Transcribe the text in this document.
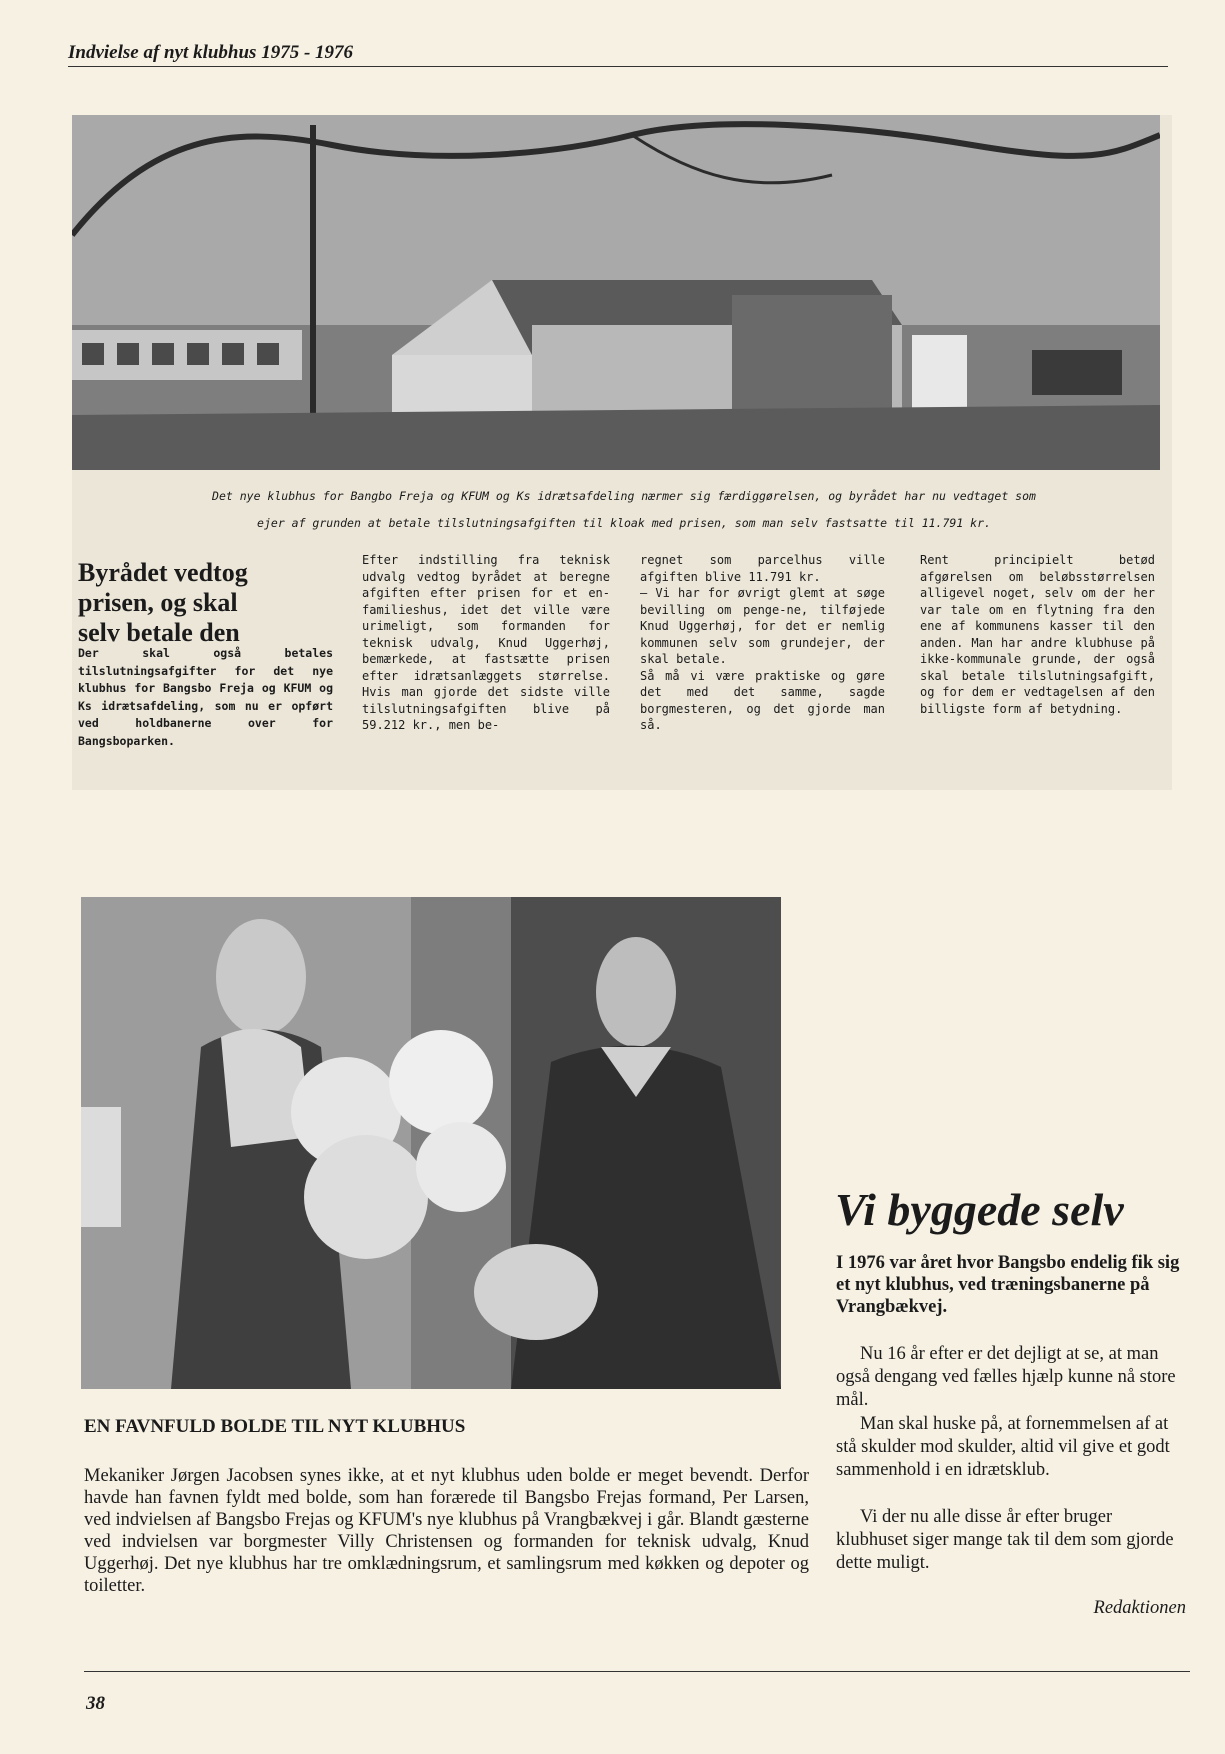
Indvielse af nyt klubhus 1975 - 1976
Det nye klubhus for Bangbo Freja og KFUM og Ks idrætsafdeling nærmer sig færdiggørelsen, og byrådet har nu vedtaget som
ejer af grunden at betale tilslutningsafgiften til kloak med prisen, som man selv fastsatte til 11.791 kr.
Byrådet vedtog prisen, og skal selv betale den
Der skal også betales tilslutningsafgifter for det nye klubhus for Bangsbo Freja og KFUM og Ks idrætsafdeling, som nu er opført ved holdbanerne over for Bangsboparken.
Efter indstilling fra teknisk udvalg vedtog byrådet at beregne afgiften efter prisen for et en-familieshus, idet det ville være urimeligt, som formanden for teknisk udvalg, Knud Uggerhøj, bemærkede, at fastsætte prisen efter idrætsanlæggets størrelse. Hvis man gjorde det sidste ville tilslutningsafgiften blive på 59.212 kr., men be-
regnet som parcelhus ville afgiften blive 11.791 kr.
— Vi har for øvrigt glemt at søge bevilling om penge-ne, tilføjede Knud Uggerhøj, for det er nemlig kommunen selv som grundejer, der skal betale.
Så må vi være praktiske og gøre det med det samme, sagde borgmesteren, og det gjorde man så.
Rent principielt betød afgørelsen om beløbsstørrelsen alligevel noget, selv om der her var tale om en flytning fra den ene af kommunens kasser til den anden. Man har andre klubhuse på ikke-kommunale grunde, der også skal betale tilslutningsafgift, og for dem er vedtagelsen af den billigste form af betydning.
EN FAVNFULD BOLDE TIL NYT KLUBHUS
Mekaniker Jørgen Jacobsen synes ikke, at et nyt klubhus uden bolde er meget bevendt. Derfor havde han favnen fyldt med bolde, som han forærede til Bangsbo Frejas formand, Per Larsen, ved indvielsen af Bangsbo Frejas og KFUM's nye klubhus på Vrangbækvej i går. Blandt gæsterne ved indvielsen var borgmester Villy Christensen og formanden for teknisk udvalg, Knud Uggerhøj. Det nye klubhus har tre omklædningsrum, et samlingsrum med køkken og depoter og toiletter.
Vi byggede selv
I 1976 var året hvor Bangsbo endelig fik sig et nyt klubhus, ved træningsbanerne på Vrangbækvej.

Nu 16 år efter er det dejligt at se, at man også dengang ved fælles hjælp kunne nå store mål.

Man skal huske på, at fornemmelsen af at stå skulder mod skulder, altid vil give et godt sammenhold i en idrætsklub.

Vi der nu alle disse år efter bruger klubhuset siger mange tak til dem som gjorde dette muligt.

Redaktionen
38
